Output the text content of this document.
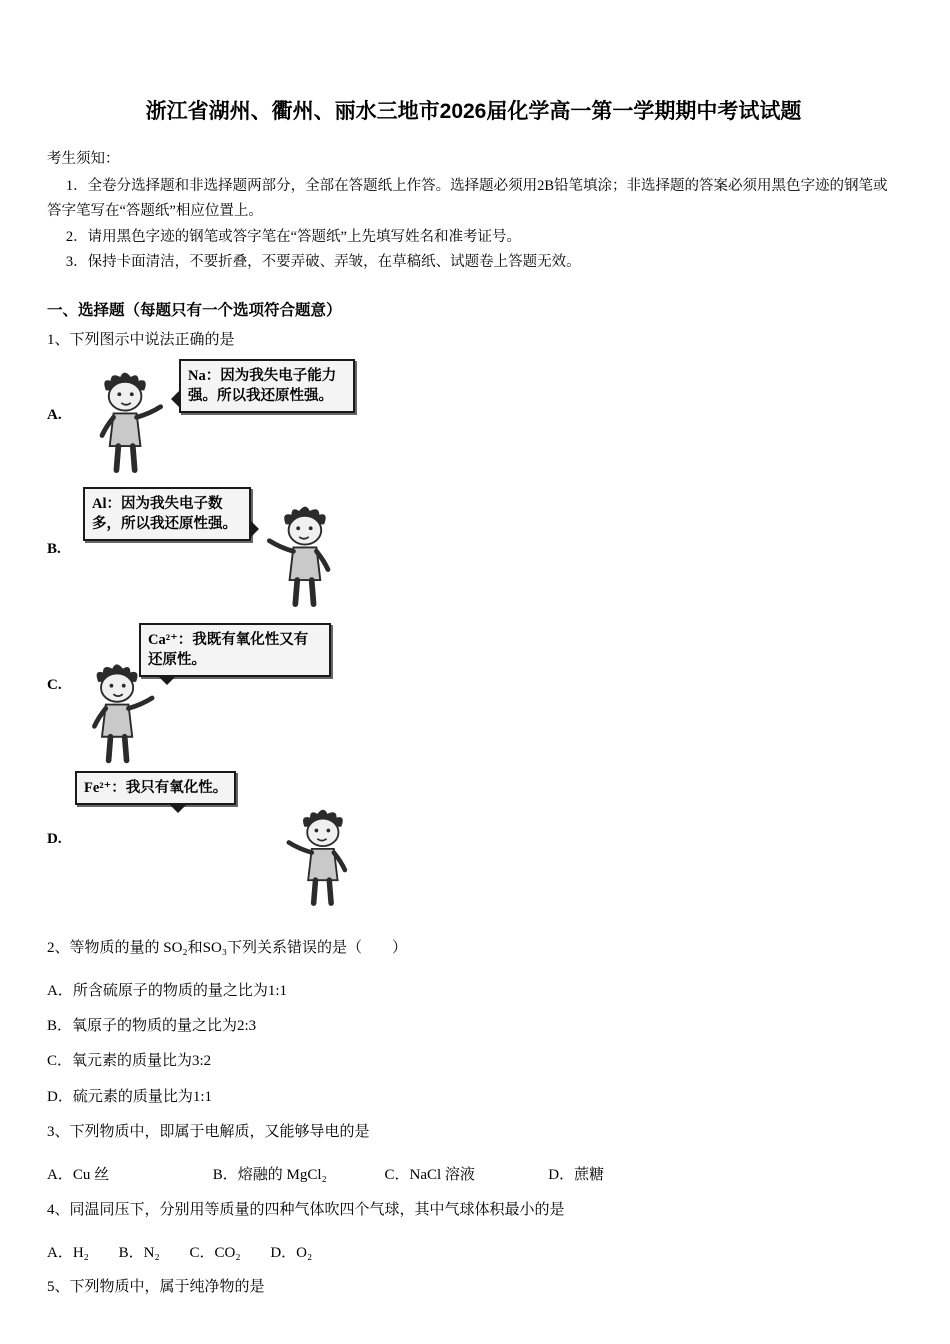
浙江省湖州、衢州、丽水三地市2026届化学高一第一学期期中考试试题

考生须知：

1．全卷分选择题和非选择题两部分，全部在答题纸上作答。选择题必须用2B铅笔填涂；非选择题的答案必须用黑色字迹的钢笔或答字笔写在“答题纸”相应位置上。

2．请用黑色字迹的钢笔或答字笔在“答题纸”上先填写姓名和准考证号。

3．保持卡面清洁，不要折叠，不要弄破、弄皱，在草稿纸、试题卷上答题无效。

一、选择题（每题只有一个选项符合题意）

1、下列图示中说法正确的是

A.
Na：因为我失电子能力强。所以我还原性强。
B.
Al：因为我失电子数多，所以我还原性强。
C.
Ca²⁺：我既有氧化性又有还原性。
D.
Fe²⁺：我只有氧化性。

2、等物质的量的 SO₂和SO₃下列关系错误的是（　　）

A．所含硫原子的物质的量之比为1:1

B．氧原子的物质的量之比为2:3

C．氧元素的质量比为3:2

D．硫元素的质量比为1:1

3、下列物质中，即属于电解质，又能够导电的是

A．Cu 丝	B．熔融的 MgCl₂	C．NaCl 溶液	D．蔗糖

4、同温同压下，分别用等质量的四种气体吹四个气球，其中气球体积最小的是

A．H₂ B．N₂ C．CO₂ D．O₂

5、下列物质中，属于纯净物的是
